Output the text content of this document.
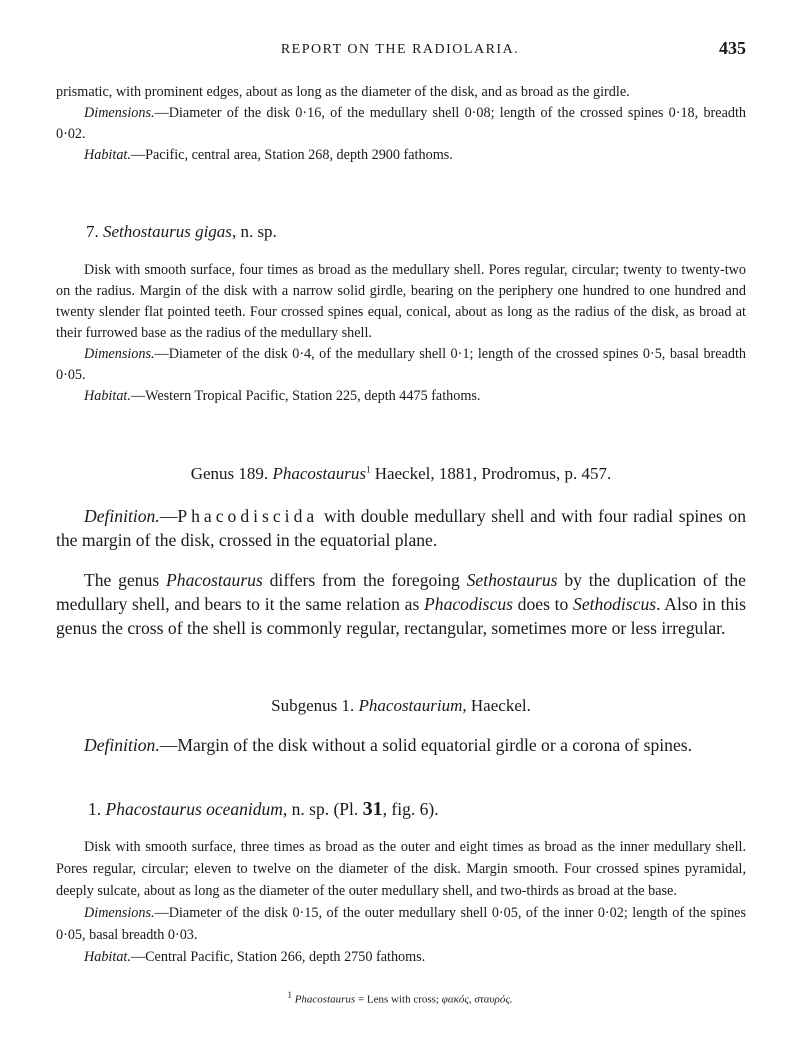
REPORT ON THE RADIOLARIA.	435

prismatic, with prominent edges, about as long as the diameter of the disk, and as broad as the girdle.

Dimensions.—Diameter of the disk 0·16, of the medullary shell 0·08; length of the crossed spines 0·18, breadth 0·02.

Habitat.—Pacific, central area, Station 268, depth 2900 fathoms.

7. Sethostaurus gigas, n. sp.

Disk with smooth surface, four times as broad as the medullary shell. Pores regular, circular; twenty to twenty-two on the radius. Margin of the disk with a narrow solid girdle, bearing on the periphery one hundred to one hundred and twenty slender flat pointed teeth. Four crossed spines equal, conical, about as long as the radius of the disk, as broad at their furrowed base as the radius of the medullary shell.

Dimensions.—Diameter of the disk 0·4, of the medullary shell 0·1; length of the crossed spines 0·5, basal breadth 0·05.

Habitat.—Western Tropical Pacific, Station 225, depth 4475 fathoms.

Genus 189. Phacostaurus$^1$ Haeckel, 1881, Prodromus, p. 457.

Definition.—Phacodiscida with double medullary shell and with four radial spines on the margin of the disk, crossed in the equatorial plane.

The genus Phacostaurus differs from the foregoing Sethostaurus by the duplication of the medullary shell, and bears to it the same relation as Phacodiscus does to Sethodiscus. Also in this genus the cross of the shell is commonly regular, rectangular, sometimes more or less irregular.

Subgenus 1. Phacostaurium, Haeckel.

Definition.—Margin of the disk without a solid equatorial girdle or a corona of spines.

1. Phacostaurus oceanidum, n. sp. (Pl. 31, fig. 6).

Disk with smooth surface, three times as broad as the outer and eight times as broad as the inner medullary shell. Pores regular, circular; eleven to twelve on the diameter of the disk. Margin smooth. Four crossed spines pyramidal, deeply sulcate, about as long as the diameter of the outer medullary shell, and two-thirds as broad at the base.

Dimensions.—Diameter of the disk 0·15, of the outer medullary shell 0·05, of the inner 0·02; length of the spines 0·05, basal breadth 0·03.

Habitat.—Central Pacific, Station 266, depth 2750 fathoms.

$^1$ Phacostaurus = Lens with cross; φακός, σταυρός.
